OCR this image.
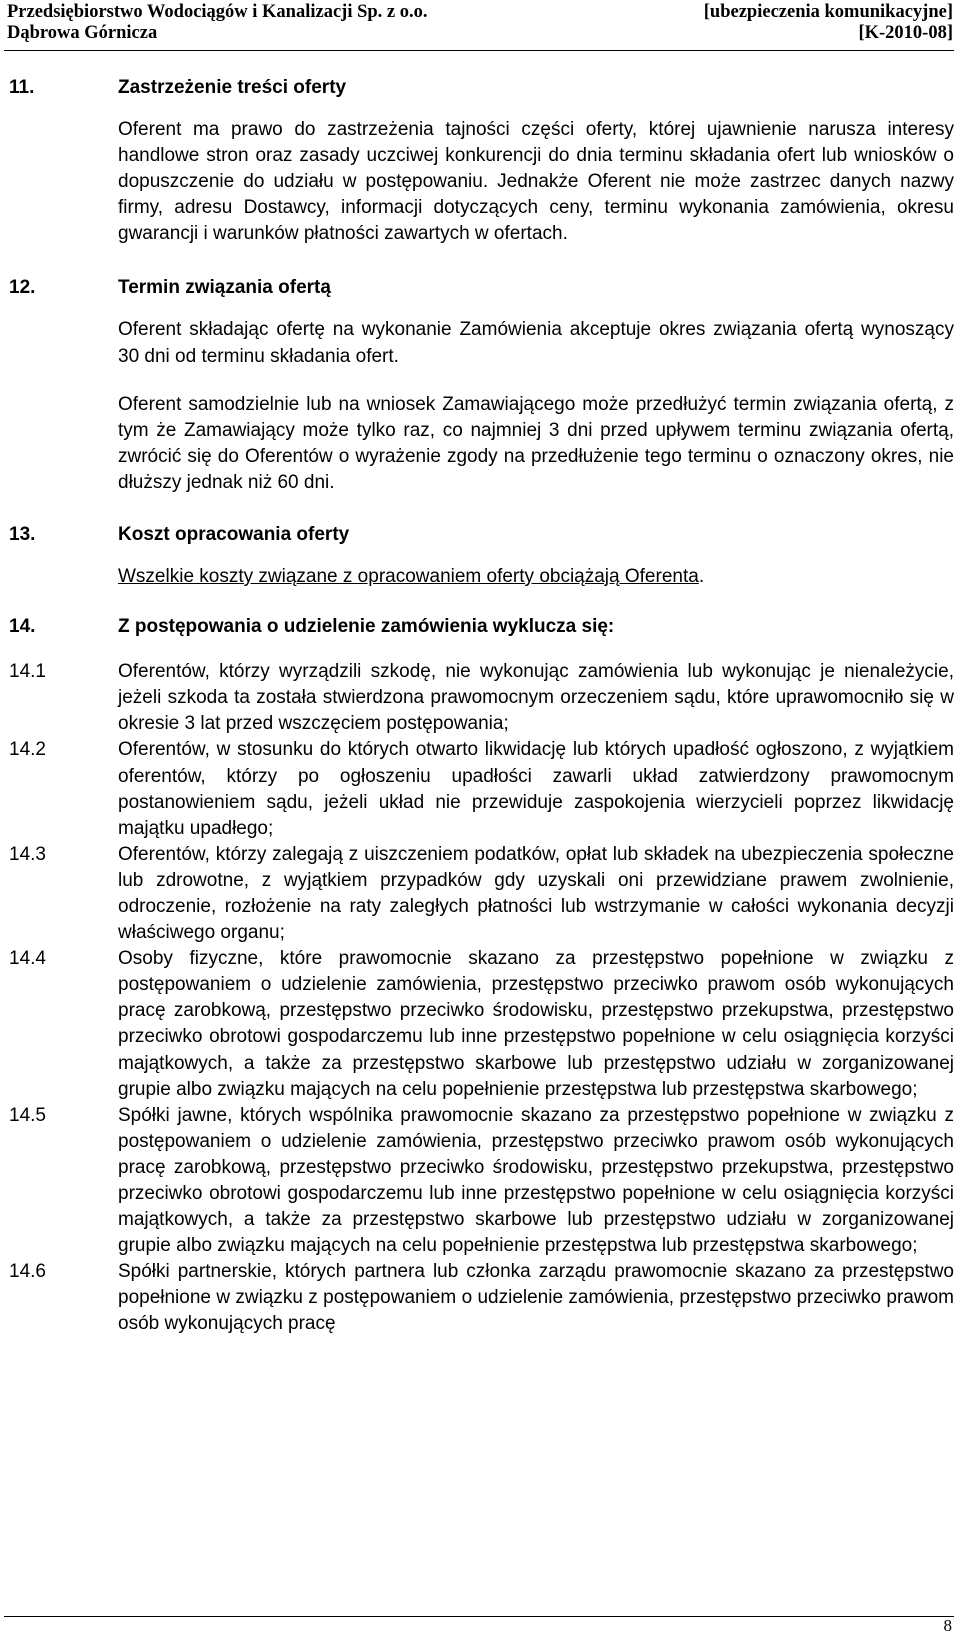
Przedsiębiorstwo Wodociągów i Kanalizacji Sp. z o.o.
Dąbrowa Górnicza
[ubezpieczenia komunikacyjne]
[K-2010-08]
11.	Zastrzeżenie treści oferty
Oferent ma prawo do zastrzeżenia tajności części oferty, której ujawnienie narusza interesy handlowe stron oraz zasady uczciwej konkurencji do dnia terminu składania ofert lub wniosków o dopuszczenie do udziału w postępowaniu. Jednakże Oferent nie może zastrzec danych nazwy firmy, adresu Dostawcy, informacji dotyczących ceny, terminu wykonania zamówienia, okresu gwarancji i warunków płatności zawartych w ofertach.
12.	Termin związania ofertą
Oferent składając ofertę na wykonanie Zamówienia akceptuje okres związania ofertą wynoszący 30 dni od terminu składania ofert.
Oferent samodzielnie lub na wniosek Zamawiającego może przedłużyć termin związania ofertą, z tym że Zamawiający może tylko raz, co najmniej 3 dni przed upływem terminu związania ofertą, zwrócić się do Oferentów o wyrażenie zgody na przedłużenie tego terminu o oznaczony okres, nie dłuższy jednak niż 60 dni.
13.	Koszt opracowania oferty
Wszelkie koszty związane z opracowaniem oferty obciążają Oferenta.
14.	Z postępowania o udzielenie zamówienia wyklucza się:
14.1	Oferentów, którzy wyrządzili szkodę, nie wykonując zamówienia lub wykonując je nienależycie, jeżeli szkoda ta została stwierdzona prawomocnym orzeczeniem sądu, które uprawomocniło się w okresie 3 lat przed wszczęciem postępowania;
14.2	Oferentów, w stosunku do których otwarto likwidację lub których upadłość ogłoszono, z wyjątkiem oferentów, którzy po ogłoszeniu upadłości zawarli układ zatwierdzony prawomocnym postanowieniem sądu, jeżeli układ nie przewiduje zaspokojenia wierzycieli poprzez likwidację majątku upadłego;
14.3	Oferentów, którzy zalegają z uiszczeniem podatków, opłat lub składek na ubezpieczenia społeczne lub zdrowotne, z wyjątkiem przypadków gdy uzyskali oni przewidziane prawem zwolnienie, odroczenie, rozłożenie na raty zaległych płatności lub wstrzymanie w całości wykonania decyzji właściwego organu;
14.4	Osoby fizyczne, które prawomocnie skazano za przestępstwo popełnione w związku z postępowaniem o udzielenie zamówienia, przestępstwo przeciwko prawom osób wykonujących pracę zarobkową, przestępstwo przeciwko środowisku, przestępstwo przekupstwa, przestępstwo przeciwko obrotowi gospodarczemu lub inne przestępstwo popełnione w celu osiągnięcia korzyści majątkowych, a także za przestępstwo skarbowe lub przestępstwo udziału w zorganizowanej grupie albo związku mających na celu popełnienie przestępstwa lub przestępstwa skarbowego;
14.5	Spółki jawne, których wspólnika prawomocnie skazano za przestępstwo popełnione w związku z postępowaniem o udzielenie zamówienia, przestępstwo przeciwko prawom osób wykonujących pracę zarobkową, przestępstwo przeciwko środowisku, przestępstwo przekupstwa, przestępstwo przeciwko obrotowi gospodarczemu lub inne przestępstwo popełnione w celu osiągnięcia korzyści majątkowych, a także za przestępstwo skarbowe lub przestępstwo udziału w zorganizowanej grupie albo związku mających na celu popełnienie przestępstwa lub przestępstwa skarbowego;
14.6	Spółki partnerskie, których partnera lub członka zarządu prawomocnie skazano za przestępstwo popełnione w związku z postępowaniem o udzielenie zamówienia, przestępstwo przeciwko prawom osób wykonujących pracę
8
